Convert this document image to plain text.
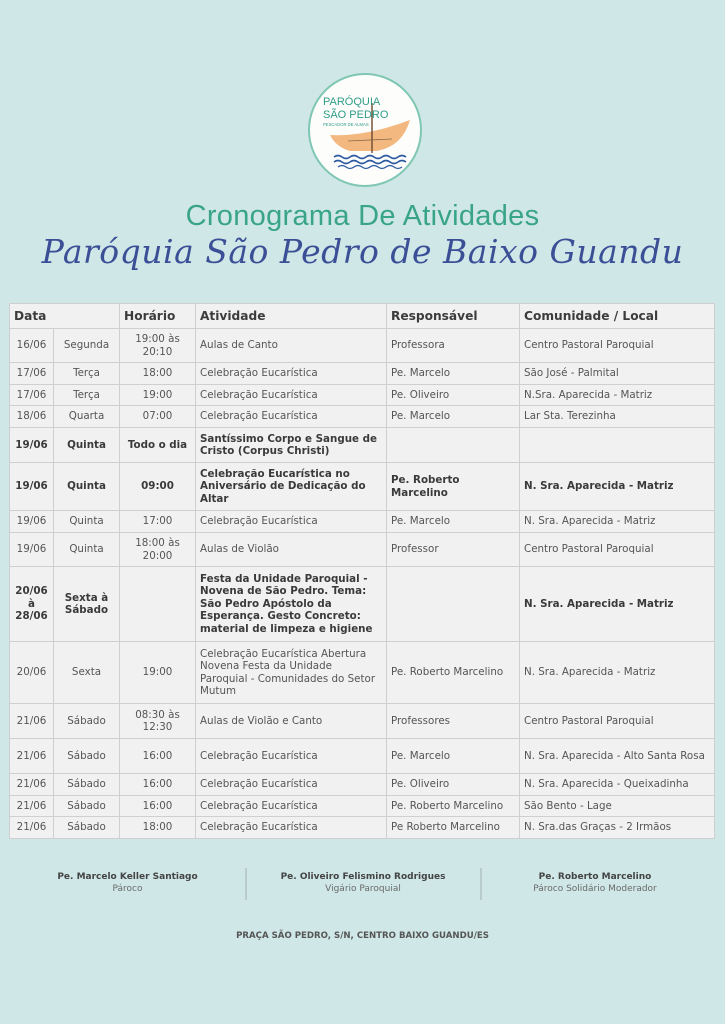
PARÓQUIA
SÃO PEDRO
PESCADOR DE ALMAS
Cronograma De Atividades
Paróquia São Pedro de Baixo Guandu
Data		Horário	Atividade	Responsável	Comunidade / Local
16/06	Segunda	19:00 às 20:10	Aulas de Canto	Professora	Centro Pastoral Paroquial
17/06	Terça	18:00	Celebração Eucarística	Pe. Marcelo	São José - Palmital
17/06	Terça	19:00	Celebração Eucarística	Pe. Oliveiro	N.Sra. Aparecida - Matriz
18/06	Quarta	07:00	Celebração Eucarística	Pe. Marcelo	Lar Sta. Terezinha
19/06	Quinta	Todo o dia	Santíssimo Corpo e Sangue de Cristo (Corpus Christi)		
19/06	Quinta	09:00	Celebração Eucarística no Aniversário de Dedicação do Altar	Pe. Roberto Marcelino	N. Sra. Aparecida - Matriz
19/06	Quinta	17:00	Celebração Eucarística	Pe. Marcelo	N. Sra. Aparecida - Matriz
19/06	Quinta	18:00 às 20:00	Aulas de Violão	Professor	Centro Pastoral Paroquial
20/06 à 28/06	Sexta à Sábado		Festa da Unidade Paroquial - Novena de São Pedro. Tema: São Pedro Apóstolo da Esperança. Gesto Concreto: material de limpeza e higiene		N. Sra. Aparecida - Matriz
20/06	Sexta	19:00	Celebração Eucarística Abertura Novena Festa da Unidade Paroquial - Comunidades do Setor Mutum	Pe. Roberto Marcelino	N. Sra. Aparecida - Matriz
21/06	Sábado	08:30 às 12:30	Aulas de Violão e Canto	Professores	Centro Pastoral Paroquial
21/06	Sábado	16:00	Celebração Eucarística	Pe. Marcelo	N. Sra. Aparecida - Alto Santa Rosa
21/06	Sábado	16:00	Celebração Eucarística	Pe. Oliveiro	N. Sra. Aparecida - Queixadinha
21/06	Sábado	16:00	Celebração Eucarística	Pe. Roberto Marcelino	São Bento - Lage
21/06	Sábado	18:00	Celebração Eucarística	Pe Roberto Marcelino	N. Sra.das Graças - 2 Irmãos
Pe. Marcelo Keller Santiago
Pároco
Pe. Oliveiro Felismino Rodrigues
Vigário Paroquial
Pe. Roberto Marcelino
Pároco Solidário Moderador
PRAÇA SÃO PEDRO, S/N, CENTRO BAIXO GUANDU/ES
